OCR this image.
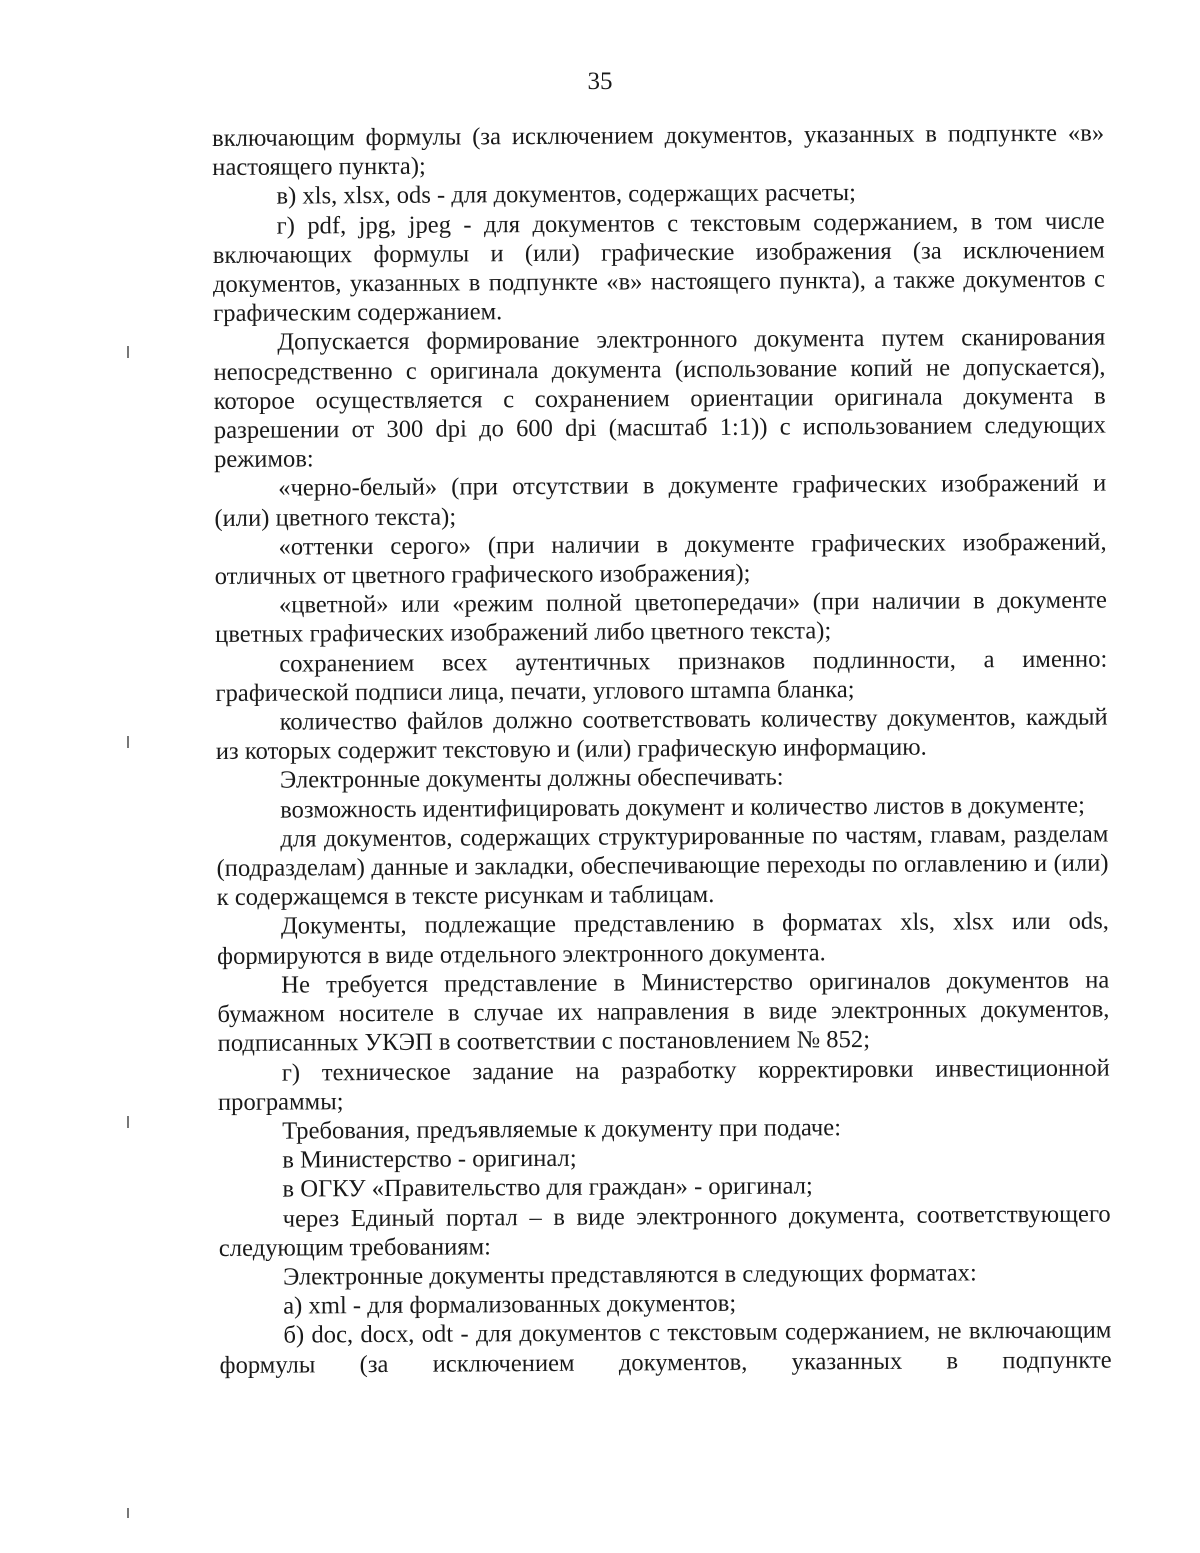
35

включающим формулы (за исключением документов, указанных в подпункте «в» настоящего пункта);

в) xls, xlsx, ods - для документов, содержащих расчеты;

г) pdf, jpg, jpeg - для документов с текстовым содержанием, в том числе включающих формулы и (или) графические изображения (за исключением документов, указанных в подпункте «в» настоящего пункта), а также документов с графическим содержанием.

Допускается формирование электронного документа путем сканирования непосредственно с оригинала документа (использование копий не допускается), которое осуществляется с сохранением ориентации оригинала документа в разрешении от 300 dpi до 600 dpi (масштаб 1:1)) с использованием следующих режимов:

«черно-белый» (при отсутствии в документе графических изображений и (или) цветного текста);

«оттенки серого» (при наличии в документе графических изображений, отличных от цветного графического изображения);

«цветной» или «режим полной цветопередачи» (при наличии в документе цветных графических изображений либо цветного текста);

сохранением всех аутентичных признаков подлинности, а именно: графической подписи лица, печати, углового штампа бланка;

количество файлов должно соответствовать количеству документов, каждый из которых содержит текстовую и (или) графическую информацию.

Электронные документы должны обеспечивать:

возможность идентифицировать документ и количество листов в документе;

для документов, содержащих структурированные по частям, главам, разделам (подразделам) данные и закладки, обеспечивающие переходы по оглавлению и (или) к содержащемся в тексте рисункам и таблицам.

Документы, подлежащие представлению в форматах xls, xlsx или ods, формируются в виде отдельного электронного документа.

Не требуется представление в Министерство оригиналов документов на бумажном носителе в случае их направления в виде электронных документов, подписанных УКЭП в соответствии с постановлением № 852;

г) техническое задание на разработку корректировки инвестиционной программы;

Требования, предъявляемые к документу при подаче:

в Министерство - оригинал;

в ОГКУ «Правительство для граждан» - оригинал;

через Единый портал – в виде электронного документа, соответствующего следующим требованиям:

Электронные документы представляются в следующих форматах:

а) xml - для формализованных документов;

б) doc, docx, odt - для документов с текстовым содержанием, не включающим формулы (за исключением документов, указанных в подпункте
